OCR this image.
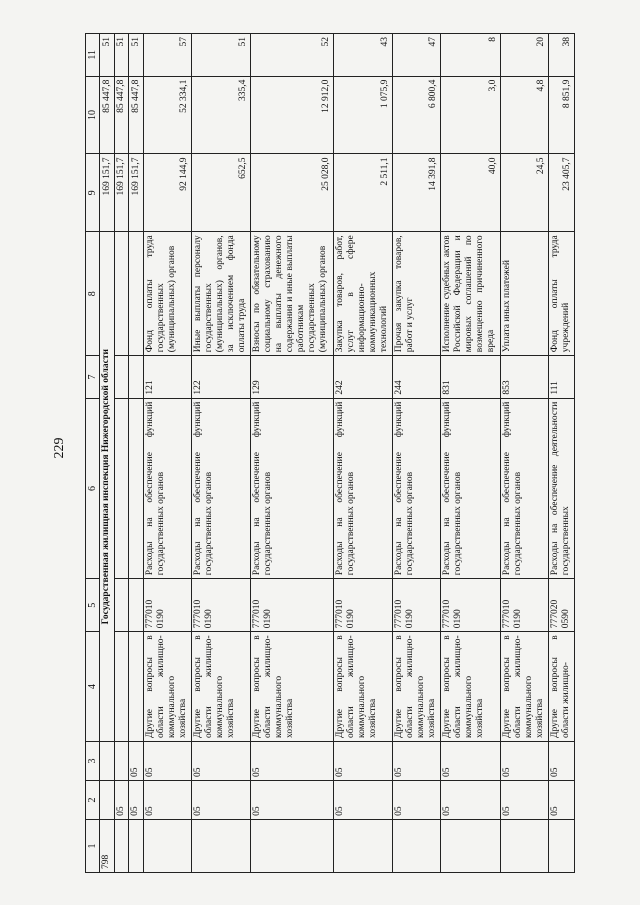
229
1	2	3	4	5	6	7	8	9	10	11
798			Государственная жилищная инспекция Нижегородской области					169 151,7	85 447,8	51
	05							169 151,7	85 447,8	51
	05	05						169 151,7	85 447,8	51
	05	05	Другие вопросы в области жилищно-коммунального хозяйства	777010 0190	Расходы на обеспечение функций государственных органов	121	Фонд оплаты труда государственных (муниципальных) органов	92 144,9	52 334,1	57
	05	05	Другие вопросы в области жилищно-коммунального хозяйства	777010 0190	Расходы на обеспечение функций государственных органов	122	Иные выплаты персоналу государственных (муниципальных) органов, за исключением фонда оплаты труда	652,5	335,4	51
	05	05	Другие вопросы в области жилищно-коммунального хозяйства	777010 0190	Расходы на обеспечение функций государственных органов	129	Взносы по обязательному социальному страхованию на выплаты денежного содержания и иные выплаты работникам государственных (муниципальных) органов	25 028,0	12 912,0	52
	05	05	Другие вопросы в области жилищно-коммунального хозяйства	777010 0190	Расходы на обеспечение функций государственных органов	242	Закупка товаров, работ, услуг в сфере информационно-коммуникационных технологий	2 511,1	1 075,9	43
	05	05	Другие вопросы в области жилищно-коммунального хозяйства	777010 0190	Расходы на обеспечение функций государственных органов	244	Прочая закупка товаров, работ и услуг	14 391,8	6 800,4	47
	05	05	Другие вопросы в области жилищно-коммунального хозяйства	777010 0190	Расходы на обеспечение функций государственных органов	831	Исполнение судебных актов Российской Федерации и мировых соглашений по возмещению причиненного вреда	40,0	3,0	8
	05	05	Другие вопросы в области жилищно-коммунального хозяйства	777010 0190	Расходы на обеспечение функций государственных органов	853	Уплата иных платежей	24,5	4,8	20
	05	05	Другие вопросы в области жилищно-	777020 0590	Расходы на обеспечение деятельности государственных	111	Фонд оплаты труда учреждений	23 405,7	8 851,9	38
